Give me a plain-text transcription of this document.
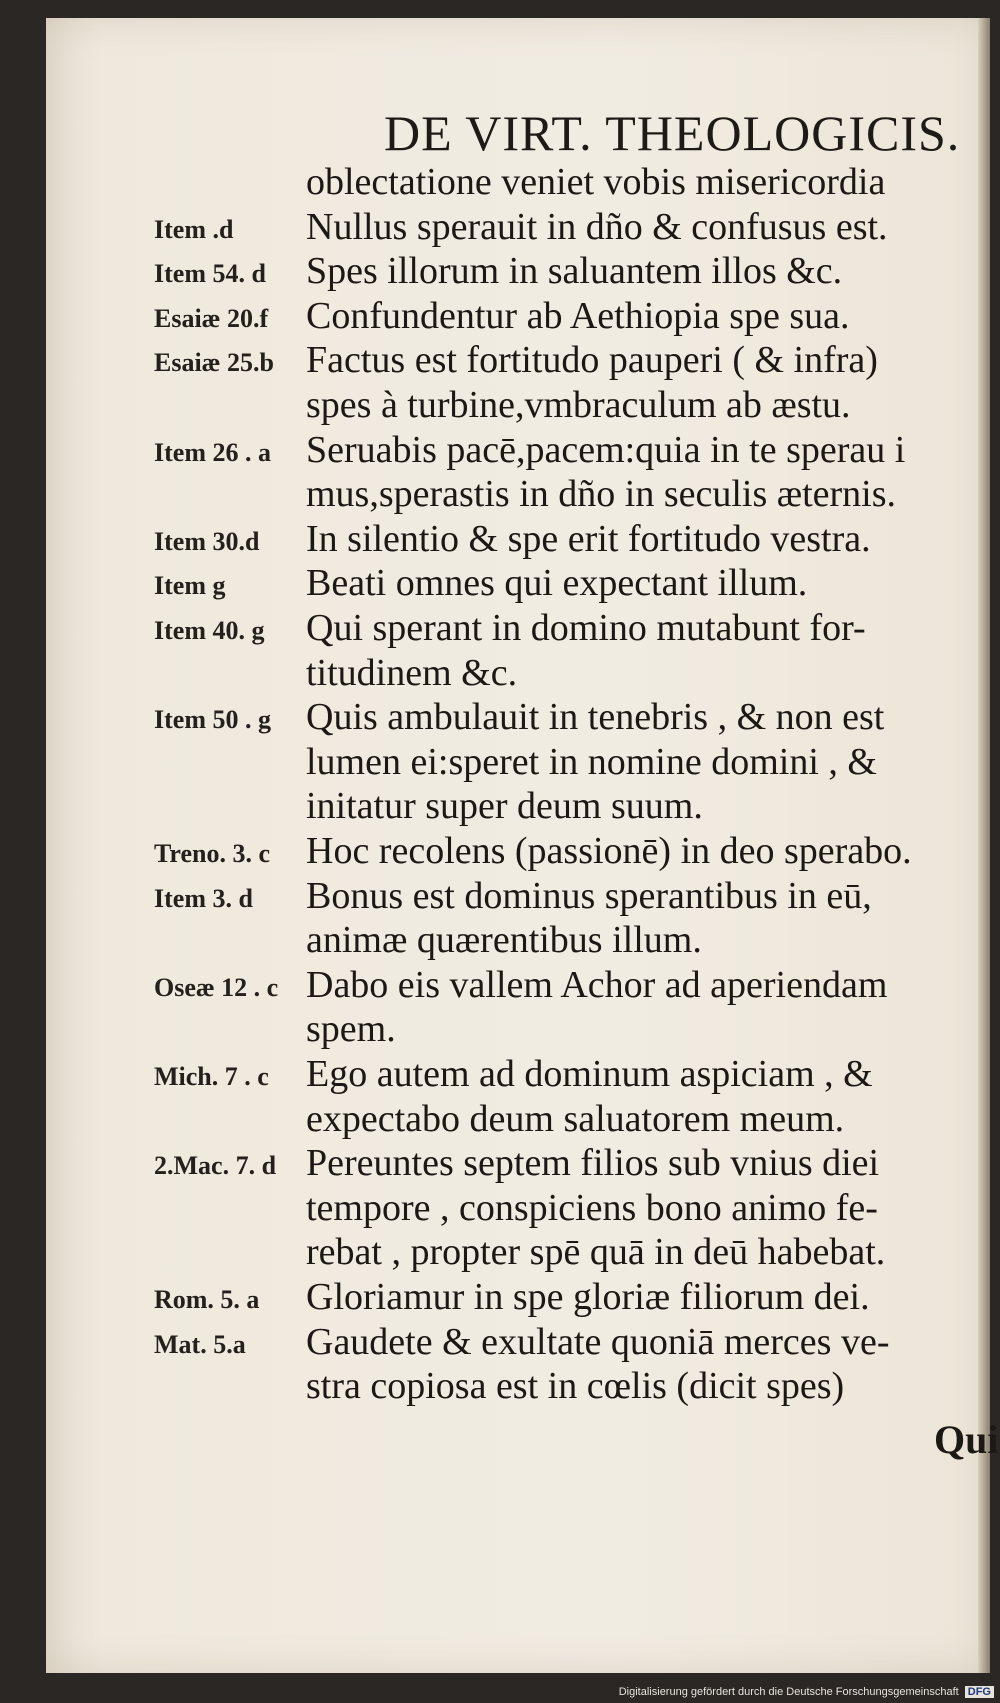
DE VIRT. THEOLOGICIS.
oblectatione veniet vobis misericordia
Item .d Nullus sperauit in dño & confusus est.
Item 54. d Spes illorum in saluantem illos &c.
Esaiæ 20.f Confundentur ab Aethiopia spe sua.
Esaiæ 25.b Factus est fortitudo pauperi ( & infra)
spes à turbine,vmbraculum ab æstu.
Item 26 . a Seruabis pacē,pacem:quia in te sperau i
mus,sperastis in dño in seculis æternis.
Item 30.d In silentio & spe erit fortitudo vestra.
Item g Beati omnes qui expectant illum.
Item 40. g Qui sperant in domino mutabunt for-
titudinem &c.
Item 50 . g Quis ambulauit in tenebris , & non est
lumen ei:speret in nomine domini , &
initatur super deum suum.
Treno. 3. c Hoc recolens (passionē) in deo sperabo.
Item 3. d Bonus est dominus sperantibus in eū,
animæ quærentibus illum.
Oseæ 12 . c Dabo eis vallem Achor ad aperiendam
spem.
Mich. 7 . c Ego autem ad dominum aspiciam , &
expectabo deum saluatorem meum.
2.Mac. 7. d Pereuntes septem filios sub vnius diei
tempore , conspiciens bono animo fe-
rebat , propter spē quā in deū habebat.
Rom. 5. a Gloriamur in spe gloriæ filiorum dei.
Mat. 5.a Gaudete & exultate quoniā merces ve-
stra copiosa est in cœlis (dicit spes)
Qui
Digitalisierung gefördert durch die Deutsche Forschungsgemeinschaft DFG
